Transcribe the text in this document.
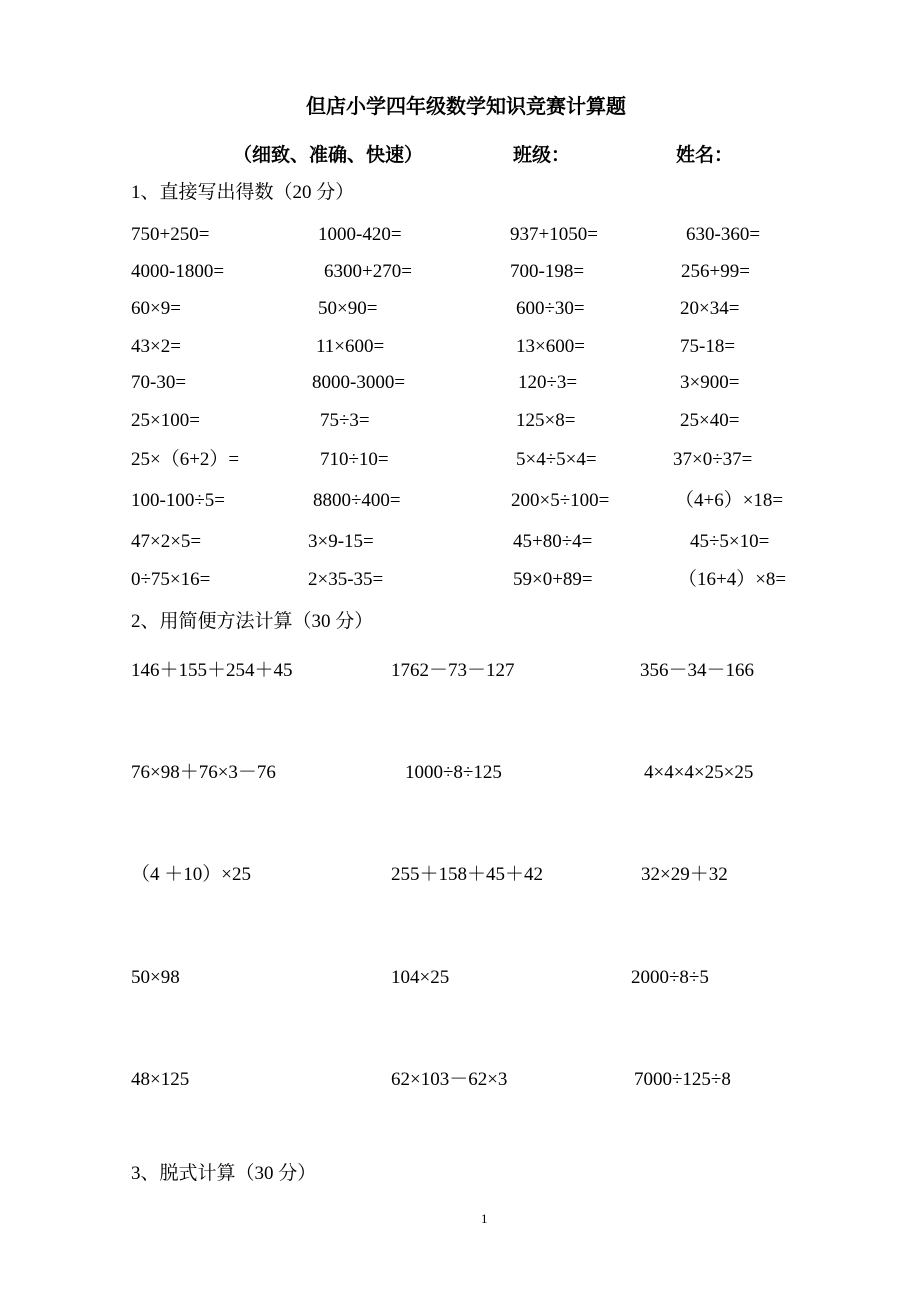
但店小学四年级数学知识竞赛计算题
（细致、准确、快速）	班级：	姓名：
1、直接写出得数（20 分）
750+250=	1000-420=	937+1050=	630-360=
4000-1800=	6300+270=	700-198=	256+99=
60×9=	50×90=	600÷30=	20×34=
43×2=	11×600=	13×600=	75-18=
70-30=	8000-3000=	120÷3=	3×900=
25×100=	75÷3=	125×8=	25×40=
25×（6+2）=	710÷10=	5×4÷5×4=	37×0÷37=
100-100÷5=	8800÷400=	200×5÷100=	（4+6）×18=
47×2×5=	3×9-15=	45+80÷4=	45÷5×10=
0÷75×16=	2×35-35=	59×0+89=	（16+4）×8=
2、用简便方法计算（30 分）
146＋155＋254＋45	1762－73－127	356－34－166
76×98＋76×3－76	1000÷8÷125	4×4×4×25×25
（4 ＋10）×25	255＋158＋45＋42	32×29＋32
50×98	104×25	2000÷8÷5
48×125	62×103－62×3	7000÷125÷8
3、脱式计算（30 分）
1
